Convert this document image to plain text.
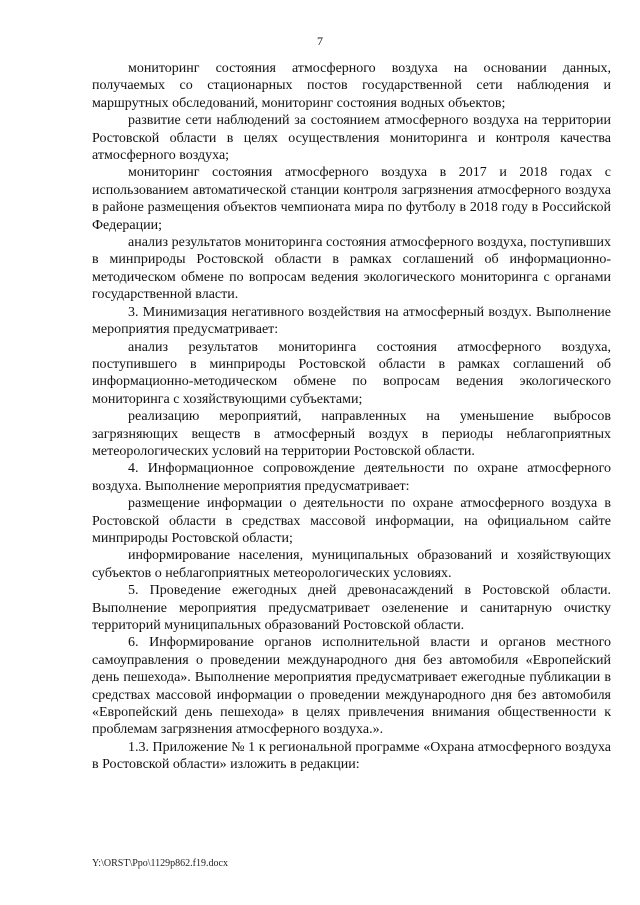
7

мониторинг состояния атмосферного воздуха на основании данных, получаемых со стационарных постов государственной сети наблюдения и маршрутных обследований, мониторинг состояния водных объектов;

развитие сети наблюдений за состоянием атмосферного воздуха на территории Ростовской области в целях осуществления мониторинга и контроля качества атмосферного воздуха;

мониторинг состояния атмосферного воздуха в 2017 и 2018 годах с использованием автоматической станции контроля загрязнения атмосферного воздуха в районе размещения объектов чемпионата мира по футболу в 2018 году в Российской Федерации;

анализ результатов мониторинга состояния атмосферного воздуха, поступивших в минприроды Ростовской области в рамках соглашений об информационно-методическом обмене по вопросам ведения экологического мониторинга с органами государственной власти.

3. Минимизация негативного воздействия на атмосферный воздух. Выполнение мероприятия предусматривает:

анализ результатов мониторинга состояния атмосферного воздуха, поступившего в минприроды Ростовской области в рамках соглашений об информационно-методическом обмене по вопросам ведения экологического мониторинга с хозяйствующими субъектами;

реализацию мероприятий, направленных на уменьшение выбросов загрязняющих веществ в атмосферный воздух в периоды неблагоприятных метеорологических условий на территории Ростовской области.

4. Информационное сопровождение деятельности по охране атмосферного воздуха. Выполнение мероприятия предусматривает:

размещение информации о деятельности по охране атмосферного воздуха в Ростовской области в средствах массовой информации, на официальном сайте минприроды Ростовской области;

информирование населения, муниципальных образований и хозяйствующих субъектов о неблагоприятных метеорологических условиях.

5. Проведение ежегодных дней древонасаждений в Ростовской области. Выполнение мероприятия предусматривает озеленение и санитарную очистку территорий муниципальных образований Ростовской области.

6. Информирование органов исполнительной власти и органов местного самоуправления о проведении международного дня без автомобиля «Европейский день пешехода». Выполнение мероприятия предусматривает ежегодные публикации в средствах массовой информации о проведении международного дня без автомобиля «Европейский день пешехода» в целях привлечения внимания общественности к проблемам загрязнения атмосферного воздуха.».

1.3. Приложение № 1 к региональной программе «Охрана атмосферного воздуха в Ростовской области» изложить в редакции:

Y:\ORST\Ppo\1129p862.f19.docx
